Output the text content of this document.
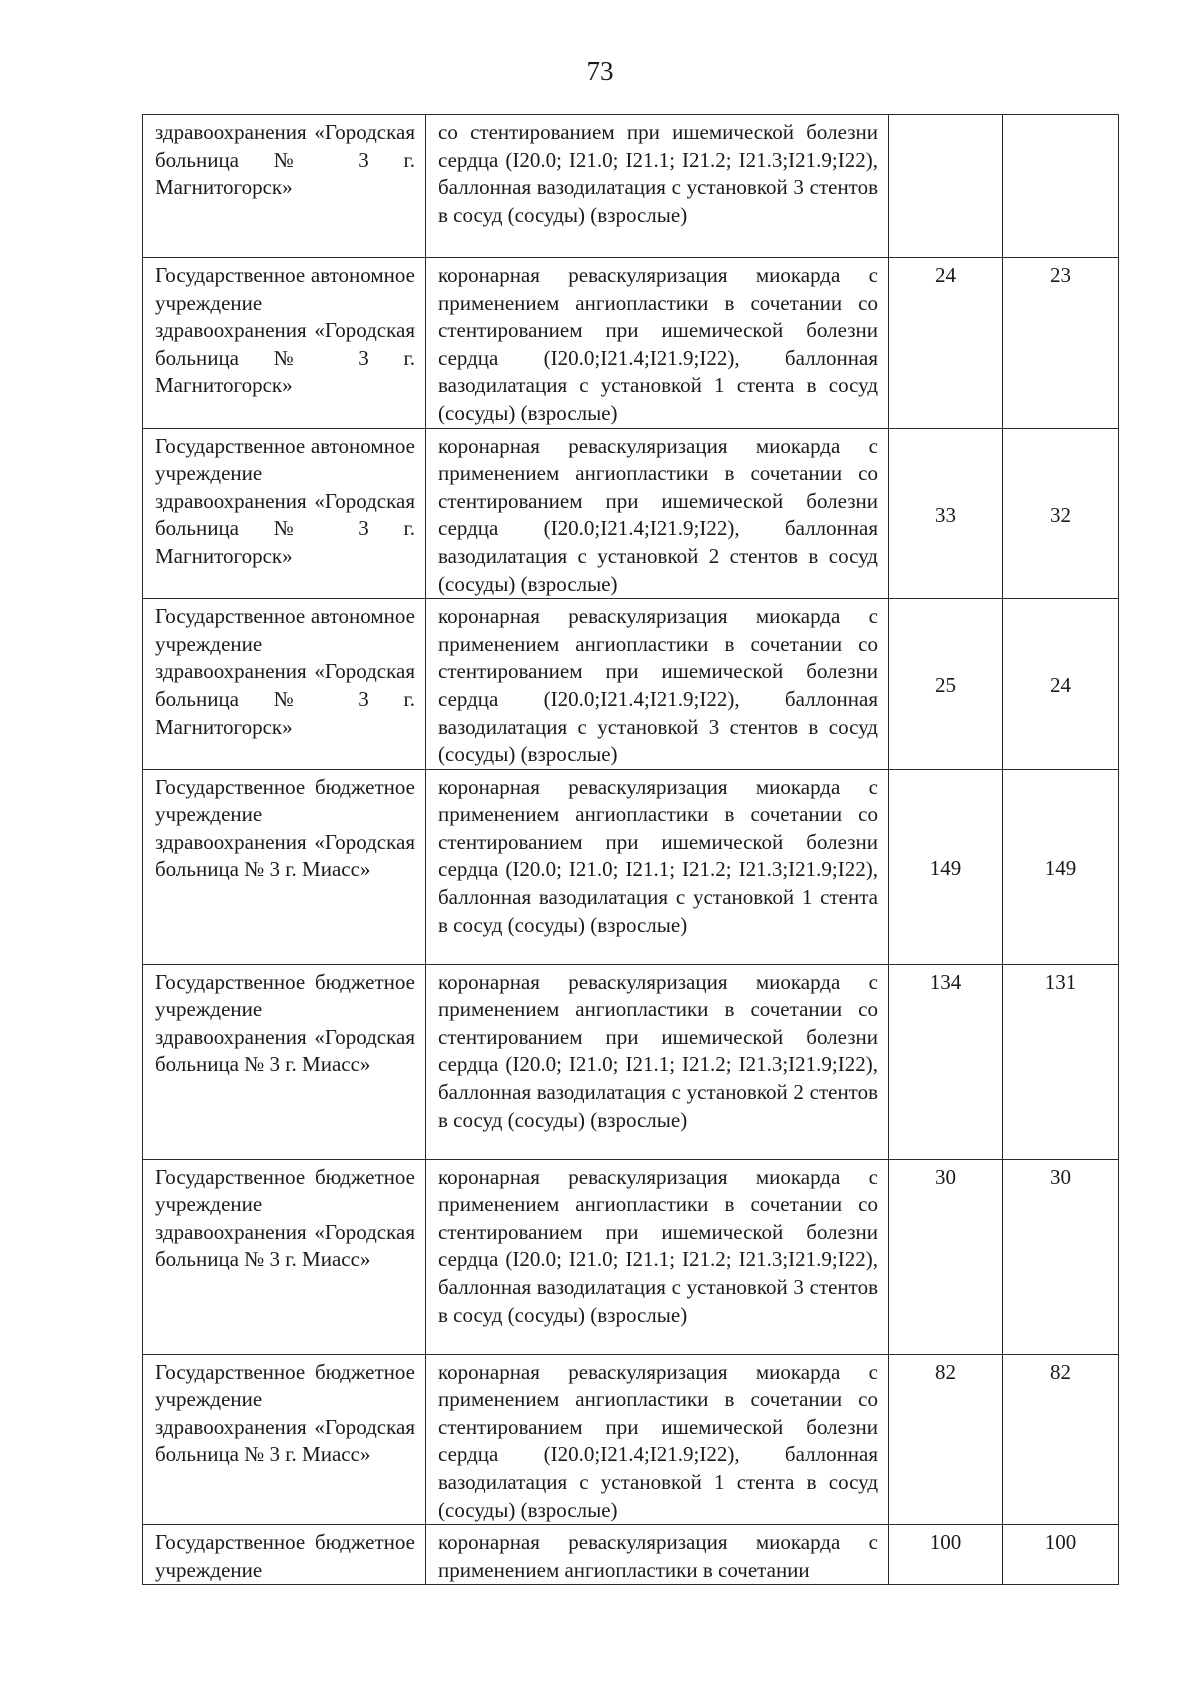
73
здравоохранения «Городская больница № 3 г. Магнитогорск»	со стентированием при ишемической болезни сердца (I20.0; I21.0; I21.1; I21.2; I21.3;I21.9;I22), баллонная вазодилатация с установкой 3 стентов в сосуд (сосуды) (взрослые)		

Государственное автономное учреждение здравоохранения «Городская больница № 3 г. Магнитогорск»	коронарная реваскуляризация миокарда с применением ангиопластики в сочетании со стентированием при ишемической болезни сердца (I20.0;I21.4;I21.9;I22), баллонная вазодилатация с установкой 1 стента в сосуд (сосуды) (взрослые)	24	23

Государственное автономное учреждение здравоохранения «Городская больница № 3 г. Магнитогорск»	коронарная реваскуляризация миокарда с применением ангиопластики в сочетании со стентированием при ишемической болезни сердца (I20.0;I21.4;I21.9;I22), баллонная вазодилатация с установкой 2 стентов в сосуд (сосуды) (взрослые)	33	32

Государственное автономное учреждение здравоохранения «Городская больница № 3 г. Магнитогорск»	коронарная реваскуляризация миокарда с применением ангиопластики в сочетании со стентированием при ишемической болезни сердца (I20.0;I21.4;I21.9;I22), баллонная вазодилатация с установкой 3 стентов в сосуд (сосуды) (взрослые)	25	24

Государственное бюджетное учреждение здравоохранения «Городская больница № 3 г. Миасс»	коронарная реваскуляризация миокарда с применением ангиопластики в сочетании со стентированием при ишемической болезни сердца (I20.0; I21.0; I21.1; I21.2; I21.3;I21.9;I22), баллонная вазодилатация с установкой 1 стента в сосуд (сосуды) (взрослые)	149	149

Государственное бюджетное учреждение здравоохранения «Городская больница № 3 г. Миасс»	коронарная реваскуляризация миокарда с применением ангиопластики в сочетании со стентированием при ишемической болезни сердца (I20.0; I21.0; I21.1; I21.2; I21.3;I21.9;I22), баллонная вазодилатация с установкой 2 стентов в сосуд (сосуды) (взрослые)	134	131

Государственное бюджетное учреждение здравоохранения «Городская больница № 3 г. Миасс»	коронарная реваскуляризация миокарда с применением ангиопластики в сочетании со стентированием при ишемической болезни сердца (I20.0; I21.0; I21.1; I21.2; I21.3;I21.9;I22), баллонная вазодилатация с установкой 3 стентов в сосуд (сосуды) (взрослые)	30	30

Государственное бюджетное учреждение здравоохранения «Городская больница № 3 г. Миасс»	коронарная реваскуляризация миокарда с применением ангиопластики в сочетании со стентированием при ишемической болезни сердца (I20.0;I21.4;I21.9;I22), баллонная вазодилатация с установкой 1 стента в сосуд (сосуды) (взрослые)	82	82

Государственное бюджетное учреждение	коронарная реваскуляризация миокарда с применением ангиопластики в сочетании	100	100
